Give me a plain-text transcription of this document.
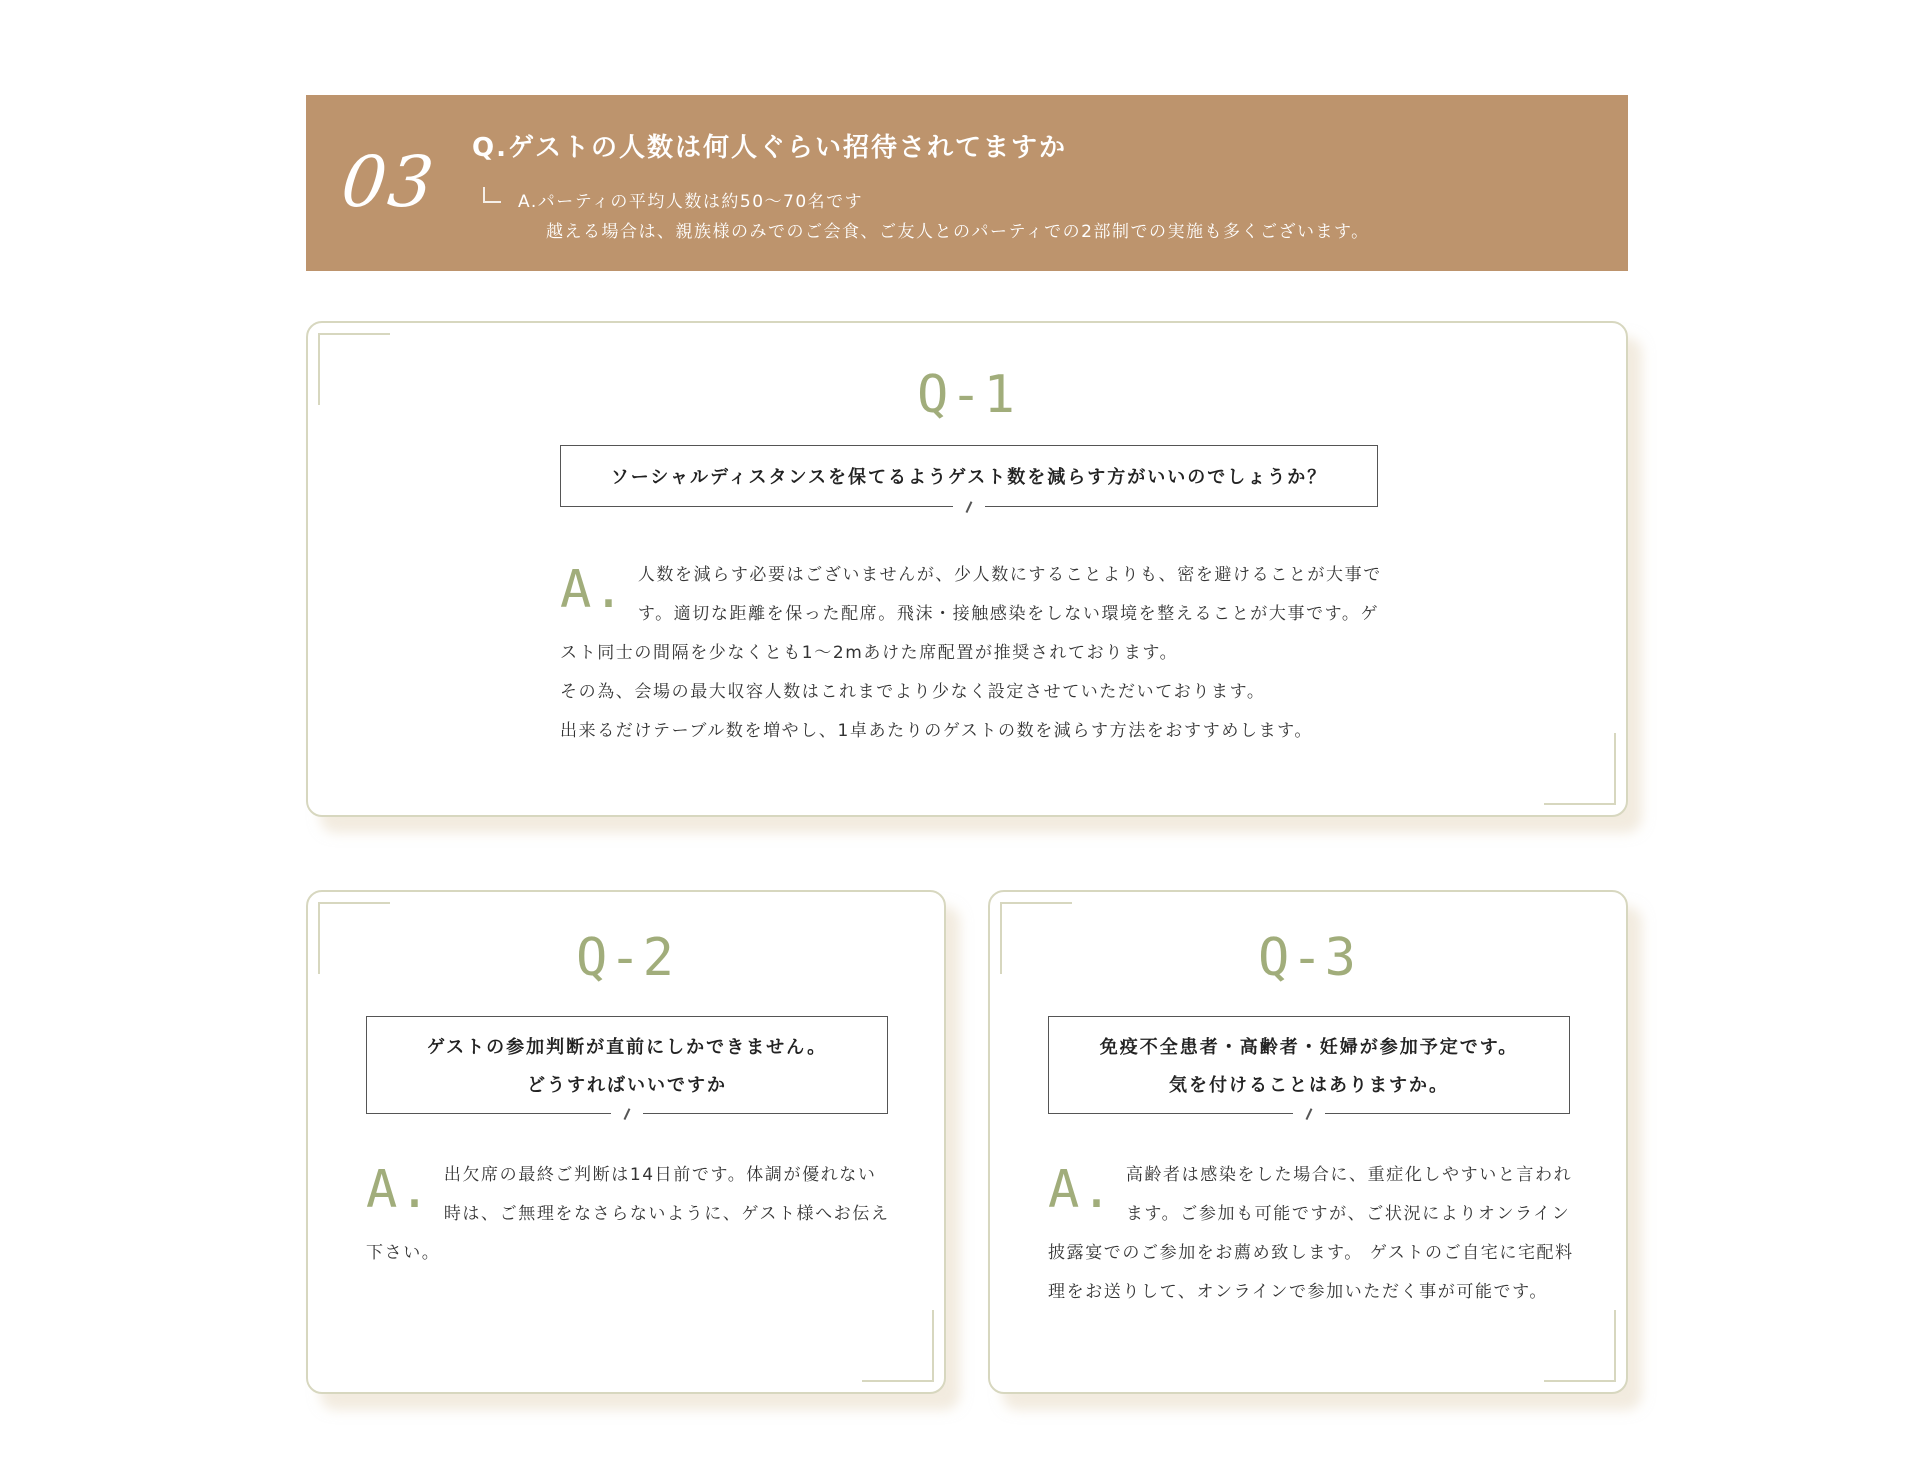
03 Q.ゲストの人数は何人ぐらい招待されてますか
A.パーティの平均人数は約50〜70名です
越える場合は、親族様のみでのご会食、ご友人とのパーティでの2部制での実施も多くございます。
Q-1
ソーシャルディスタンスを保てるようゲスト数を減らす方がいいのでしょうか？
A. 人数を減らす必要はございませんが、少人数にすることよりも、密を避けることが大事です。適切な距離を保った配席。飛沫・接触感染をしない環境を整えることが大事です。ゲスト同士の間隔を少なくとも1〜2mあけた席配置が推奨されております。
その為、会場の最大収容人数はこれまでより少なく設定させていただいております。
出来るだけテーブル数を増やし、1卓あたりのゲストの数を減らす方法をおすすめします。
Q-2
ゲストの参加判断が直前にしかできません。
どうすればいいですか
A. 出欠席の最終ご判断は14日前です。体調が優れない時は、ご無理をなさらないように、ゲスト様へお伝え下さい。
Q-3
免疫不全患者・高齢者・妊婦が参加予定です。
気を付けることはありますか。
A. 高齢者は感染をした場合に、重症化しやすいと言われます。ご参加も可能ですが、ご状況によりオンライン披露宴でのご参加をお薦め致します。 ゲストのご自宅に宅配料理をお送りして、オンラインで参加いただく事が可能です。
